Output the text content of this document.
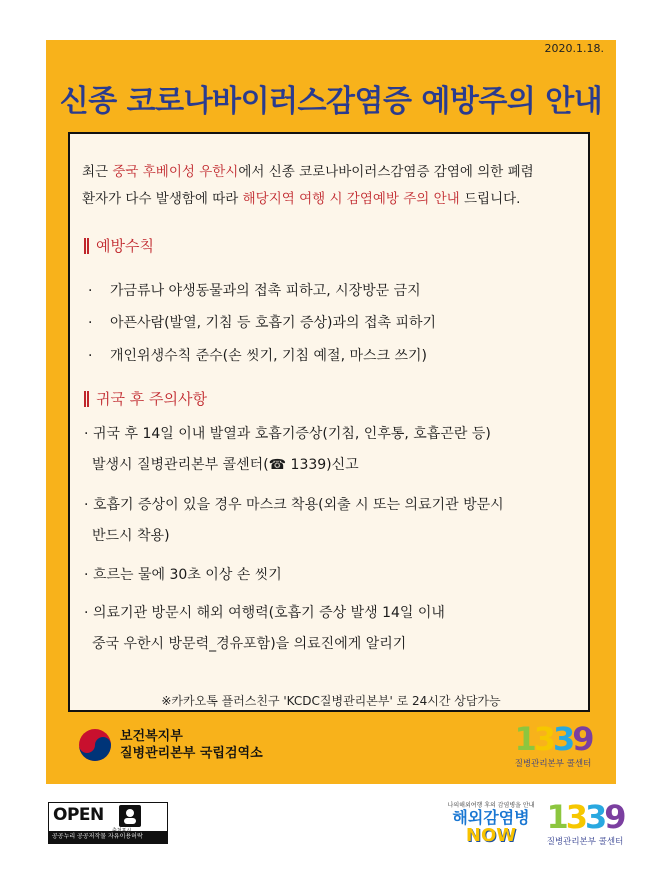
2020.1.18.
신종 코로나바이러스감염증 예방주의 안내
최근 중국 후베이성 우한시에서 신종 코로나바이러스감염증 감염에 의한 폐렴
환자가 다수 발생함에 따라 해당지역 여행 시 감염예방 주의 안내 드립니다.
예방수칙
· 가금류나 야생동물과의 접촉 피하고, 시장방문 금지
· 아픈사람(발열, 기침 등 호흡기 증상)과의 접촉 피하기
· 개인위생수칙 준수(손 씻기, 기침 예절, 마스크 쓰기)
귀국 후 주의사항
· 귀국 후 14일 이내 발열과 호흡기증상(기침, 인후통, 호흡곤란 등)
발생시 질병관리본부 콜센터(☎ 1339)신고
· 호흡기 증상이 있을 경우 마스크 착용(외출 시 또는 의료기관 방문시
반드시 착용)
· 흐르는 물에 30초 이상 손 씻기
· 의료기관 방문시 해외 여행력(호흡기 증상 발생 14일 이내
중국 우한시 방문력_경유포함)을 의료진에게 알리기
※카카오톡 플러스친구 'KCDC질병관리본부' 로 24시간 상담가능
보건복지부
질병관리본부 국립검역소	1339
질병관리본부 콜센터
OPEN
공공누리 공공저작물 자유이용허락
나의해외여행 후의 감염병을 안내
해외감염병
NOW 1339
질병관리본부 콜센터
